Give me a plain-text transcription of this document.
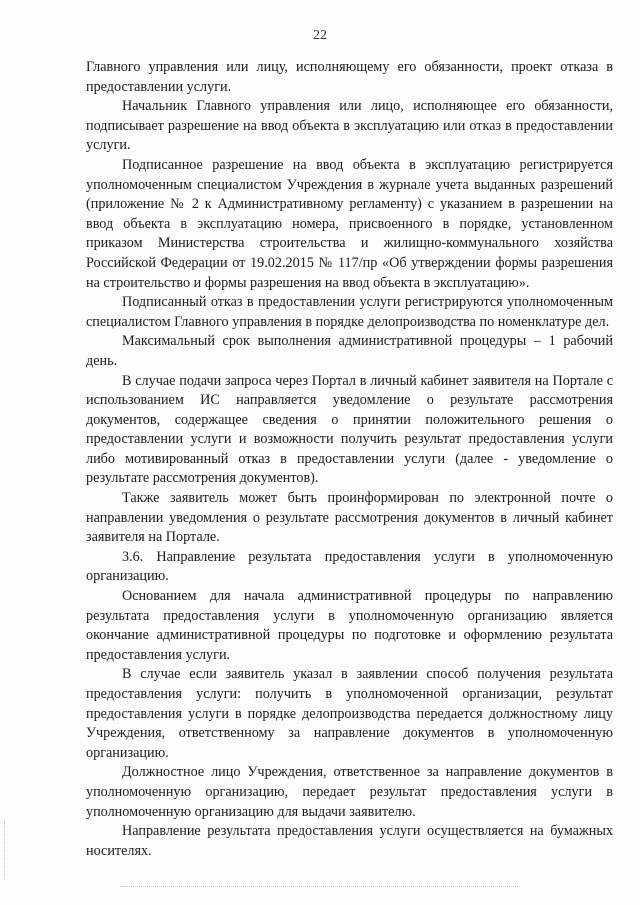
22

Главного управления или лицу, исполняющему его обязанности, проект отказа в предоставлении услуги.

Начальник Главного управления или лицо, исполняющее его обязанности, подписывает разрешение на ввод объекта в эксплуатацию или отказ в предоставлении услуги.

Подписанное разрешение на ввод объекта в эксплуатацию регистрируется уполномоченным специалистом Учреждения в журнале учета выданных разрешений (приложение № 2 к Административному регламенту) с указанием в разрешении на ввод объекта в эксплуатацию номера, присвоенного в порядке, установленном приказом Министерства строительства и жилищно-коммунального хозяйства Российской Федерации от 19.02.2015 № 117/пр «Об утверждении формы разрешения на строительство и формы разрешения на ввод объекта в эксплуатацию».

Подписанный отказ в предоставлении услуги регистрируются уполномоченным специалистом Главного управления в порядке делопроизводства по номенклатуре дел.

Максимальный срок выполнения административной процедуры – 1 рабочий день.

В случае подачи запроса через Портал в личный кабинет заявителя на Портале с использованием ИС направляется уведомление о результате рассмотрения документов, содержащее сведения о принятии положительного решения о предоставлении услуги и возможности получить результат предоставления услуги либо мотивированный отказ в предоставлении услуги (далее - уведомление о результате рассмотрения документов).

Также заявитель может быть проинформирован по электронной почте о направлении уведомления о результате рассмотрения документов в личный кабинет заявителя на Портале.

3.6. Направление результата предоставления услуги в уполномоченную организацию.

Основанием для начала административной процедуры по направлению результата предоставления услуги в уполномоченную организацию является окончание административной процедуры по подготовке и оформлению результата предоставления услуги.

В случае если заявитель указал в заявлении способ получения результата предоставления услуги: получить в уполномоченной организации, результат предоставления услуги в порядке делопроизводства передается должностному лицу Учреждения, ответственному за направление документов в уполномоченную организацию.

Должностное лицо Учреждения, ответственное за направление документов в уполномоченную организацию, передает результат предоставления услуги в уполномоченную организацию для выдачи заявителю.

Направление результата предоставления услуги осуществляется на бумажных носителях.
